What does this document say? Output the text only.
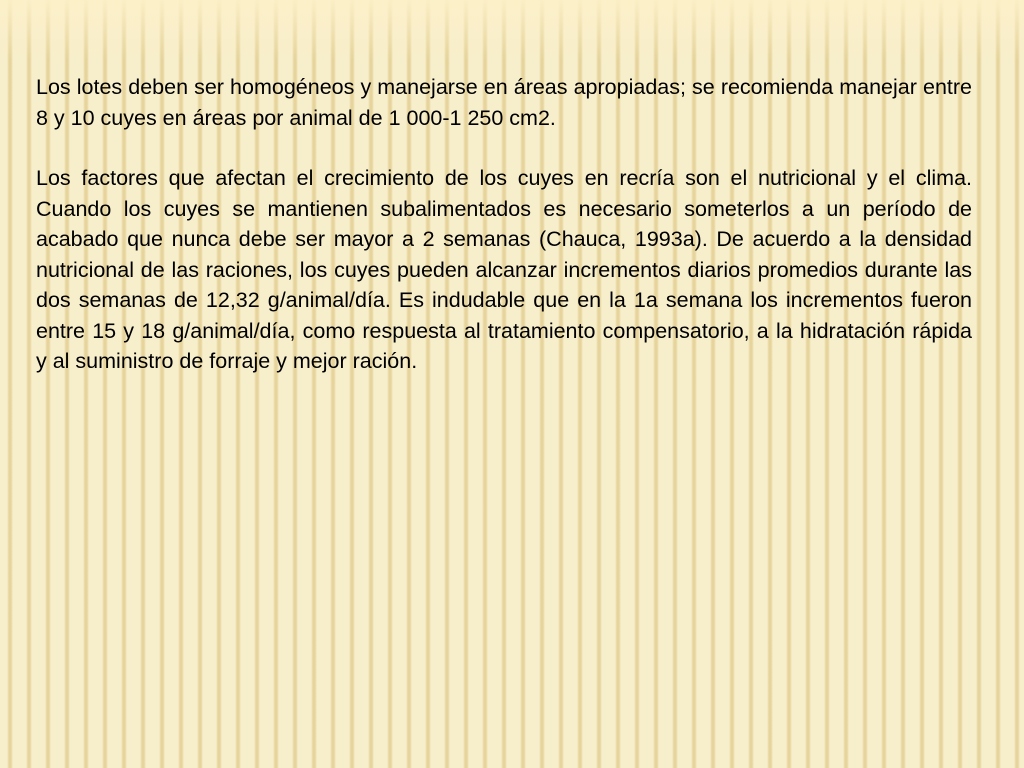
Los lotes deben ser homogéneos y manejarse en áreas apropiadas; se recomienda manejar entre 8 y 10 cuyes en áreas por animal de 1 000-1 250 cm2.

Los factores que afectan el crecimiento de los cuyes en recría son el nutricional y el clima. Cuando los cuyes se mantienen subalimentados es necesario someterlos a un período de acabado que nunca debe ser mayor a 2 semanas (Chauca, 1993a). De acuerdo a la densidad nutricional de las raciones, los cuyes pueden alcanzar incrementos diarios promedios durante las dos semanas de 12,32 g/animal/día. Es indudable que en la 1a semana los incrementos fueron entre 15 y 18 g/animal/día, como respuesta al tratamiento compensatorio, a la hidratación rápida y al suministro de forraje y mejor ración.
